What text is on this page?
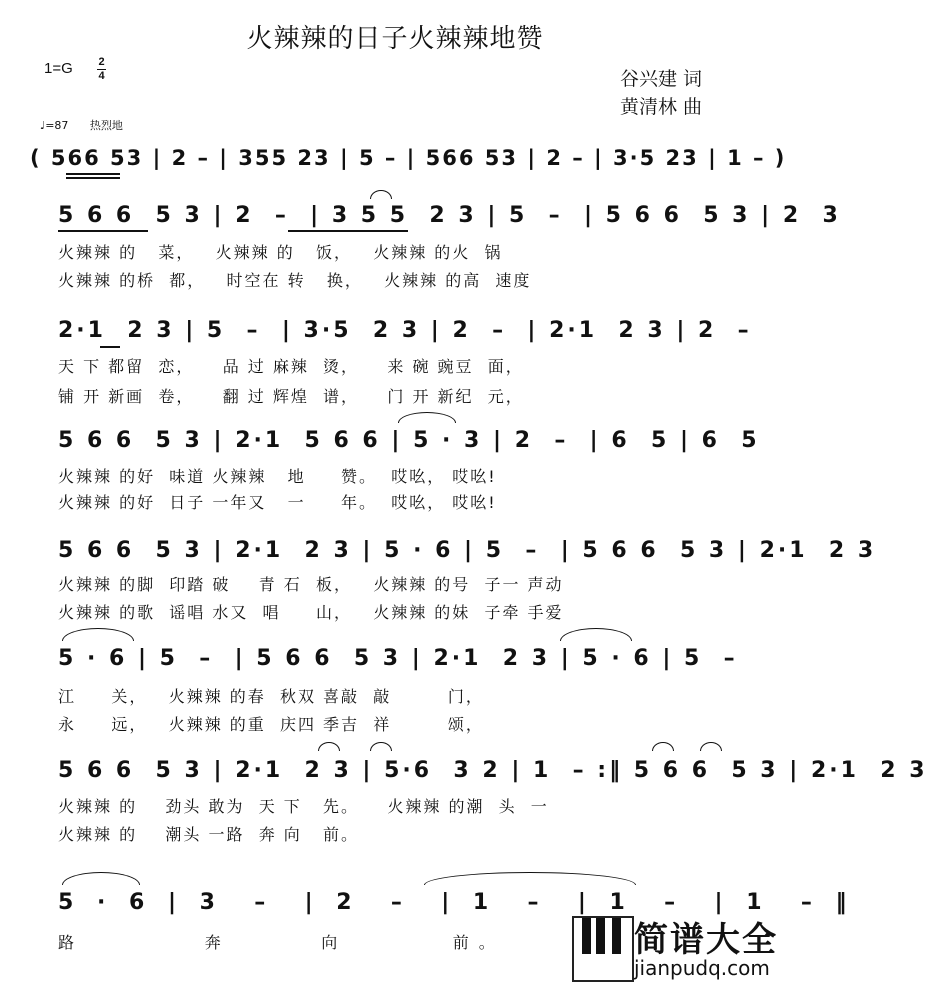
火辣辣的日子火辣辣地赞
1=G 2
4	谷兴建 词
黄清林 曲
♩=87 热烈地
( 566 53 | 2 – | 355 23 | 5 – | 566 53 | 2 – | 3·5 23 | 1 – )
5 6 6  5 3 | 2  –  | 3 5 5  2 3 | 5  –  | 5 6 6  5 3 | 2  3
火辣辣 的   菜，   火辣辣 的   饭，   火辣辣 的火  锅
火辣辣 的桥  都，   时空在 转   换，   火辣辣 的高  速度
2·1  2 3 | 5  –  | 3·5  2 3 | 2  –  | 2·1  2 3 | 2  –
天 下 都留  恋，    品 过 麻辣  烫，    来 碗 豌豆  面，
铺 开 新画  卷，    翻 过 辉煌  谱，    门 开 新纪  元，
5 6 6  5 3 | 2·1  5 6 6 | 5 · 3 | 2  –  | 6  5 | 6  5
火辣辣 的好  味道 火辣辣   地     赞。  哎吆， 哎吆!
火辣辣 的好  日子 一年又   一     年。  哎吆， 哎吆!
5 6 6  5 3 | 2·1  2 3 | 5 · 6 | 5  –  | 5 6 6  5 3 | 2·1  2 3
火辣辣 的脚  印踏 破    青 石  板，   火辣辣 的号  子一 声动
火辣辣 的歌  谣唱 水又  唱     山，   火辣辣 的妹  子牵 手爱
5 · 6 | 5  –  | 5 6 6  5 3 | 2·1  2 3 | 5 · 6 | 5  –
江     关，   火辣辣 的春  秋双 喜敲  敲        门，
永     远，   火辣辣 的重  庆四 季吉  祥        颂，
5 6 6  5 3 | 2·1  2 3 | 5·6  3 2 | 1  – :‖ 5 6 6  5 3 | 2·1  2 3
火辣辣 的    劲头 敢为  天 下   先。    火辣辣 的潮  头  一
火辣辣 的    潮头 一路  奔 向   前。
5 · 6 | 3  –  | 2  –  | 1  –  | 1  –  | 1  – ‖
路        奔      向       前。	简谱大全
jianpudq.com
